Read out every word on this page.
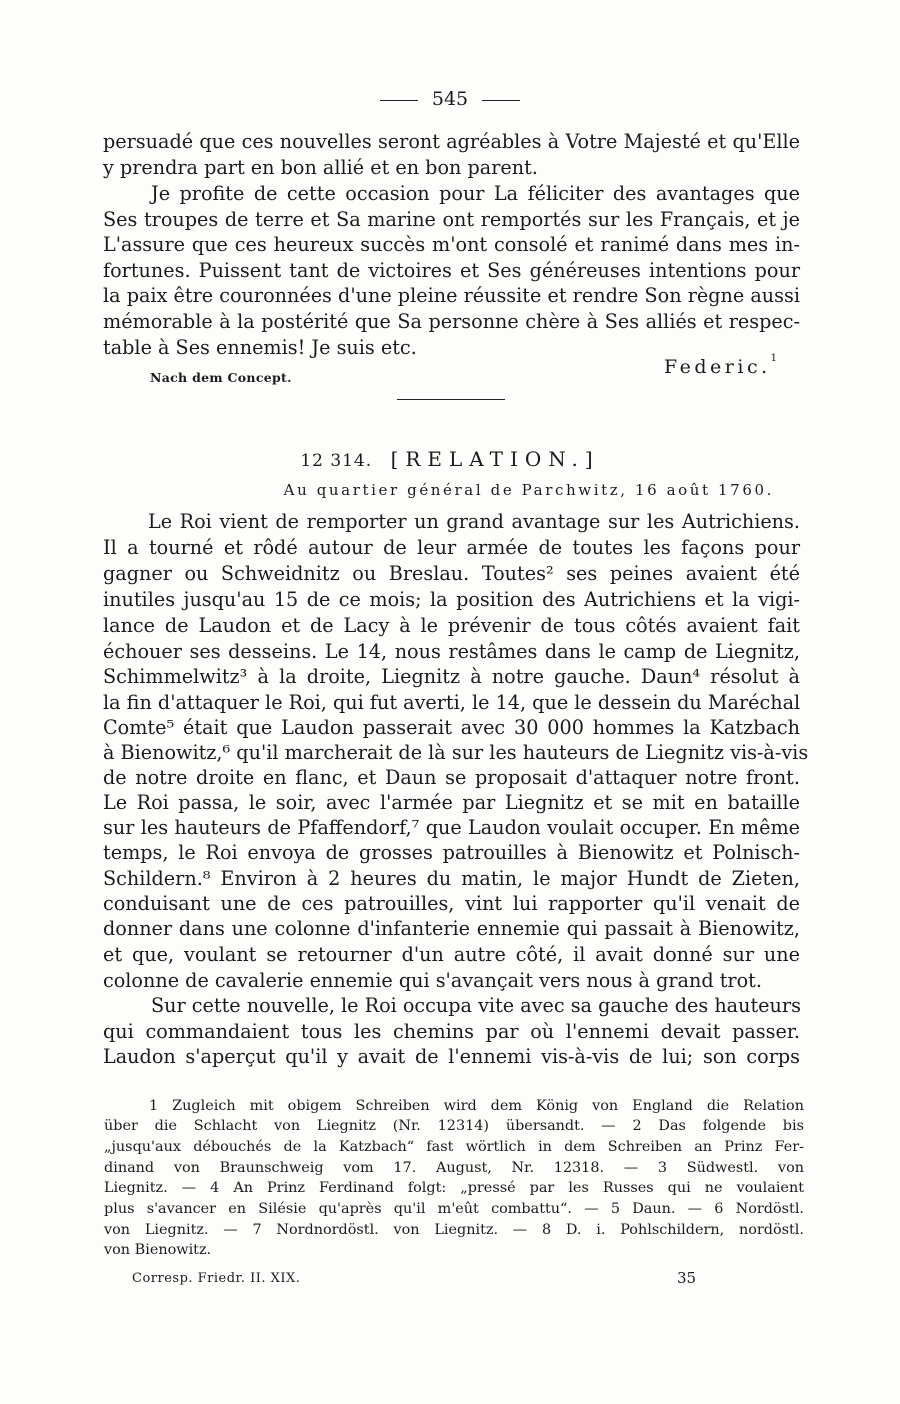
545
persuadé que ces nouvelles seront agréables à Votre Majesté et qu'Elle
y prendra part en bon allié et en bon parent.
Je profite de cette occasion pour La féliciter des avantages que
Ses troupes de terre et Sa marine ont remportés sur les Français, et je
L'assure que ces heureux succès m'ont consolé et ranimé dans mes in-
fortunes. Puissent tant de victoires et Ses généreuses intentions pour
la paix être couronnées d'une pleine réussite et rendre Son règne aussi
mémorable à la postérité que Sa personne chère à Ses alliés et respec-
table à Ses ennemis! Je suis etc.
Federic.$^1$
Nach dem Concept.
12 314. [RELATION.]
Au quartier général de Parchwitz, 16 août 1760.
Le Roi vient de remporter un grand avantage sur les Autrichiens.
Il a tourné et rôdé autour de leur armée de toutes les façons pour
gagner ou Schweidnitz ou Breslau. Toutes² ses peines avaient été
inutiles jusqu'au 15 de ce mois; la position des Autrichiens et la vigi-
lance de Laudon et de Lacy à le prévenir de tous côtés avaient fait
échouer ses desseins. Le 14, nous restâmes dans le camp de Liegnitz,
Schimmelwitz³ à la droite, Liegnitz à notre gauche. Daun⁴ résolut à
la fin d'attaquer le Roi, qui fut averti, le 14, que le dessein du Maréchal
Comte⁵ était que Laudon passerait avec 30 000 hommes la Katzbach
à Bienowitz,⁶ qu'il marcherait de là sur les hauteurs de Liegnitz vis-à-vis
de notre droite en flanc, et Daun se proposait d'attaquer notre front.
Le Roi passa, le soir, avec l'armée par Liegnitz et se mit en bataille
sur les hauteurs de Pfaffendorf,⁷ que Laudon voulait occuper. En même
temps, le Roi envoya de grosses patrouilles à Bienowitz et Polnisch-
Schildern.⁸ Environ à 2 heures du matin, le major Hundt de Zieten,
conduisant une de ces patrouilles, vint lui rapporter qu'il venait de
donner dans une colonne d'infanterie ennemie qui passait à Bienowitz,
et que, voulant se retourner d'un autre côté, il avait donné sur une
colonne de cavalerie ennemie qui s'avançait vers nous à grand trot.
Sur cette nouvelle, le Roi occupa vite avec sa gauche des hauteurs
qui commandaient tous les chemins par où l'ennemi devait passer.
Laudon s'aperçut qu'il y avait de l'ennemi vis-à-vis de lui; son corps
1 Zugleich mit obigem Schreiben wird dem König von England die Relation
über die Schlacht von Liegnitz (Nr. 12314) übersandt. — 2 Das folgende bis
„jusqu'aux débouchés de la Katzbach“ fast wörtlich in dem Schreiben an Prinz Fer-
dinand von Braunschweig vom 17. August, Nr. 12318. — 3 Südwestl. von
Liegnitz. — 4 An Prinz Ferdinand folgt: „pressé par les Russes qui ne voulaient
plus s'avancer en Silésie qu'après qu'il m'eût combattu“. — 5 Daun. — 6 Nordöstl.
von Liegnitz. — 7 Nordnordöstl. von Liegnitz. — 8 D. i. Pohlschildern, nordöstl.
von Bienowitz.
Corresp. Friedr. II. XIX.	35
